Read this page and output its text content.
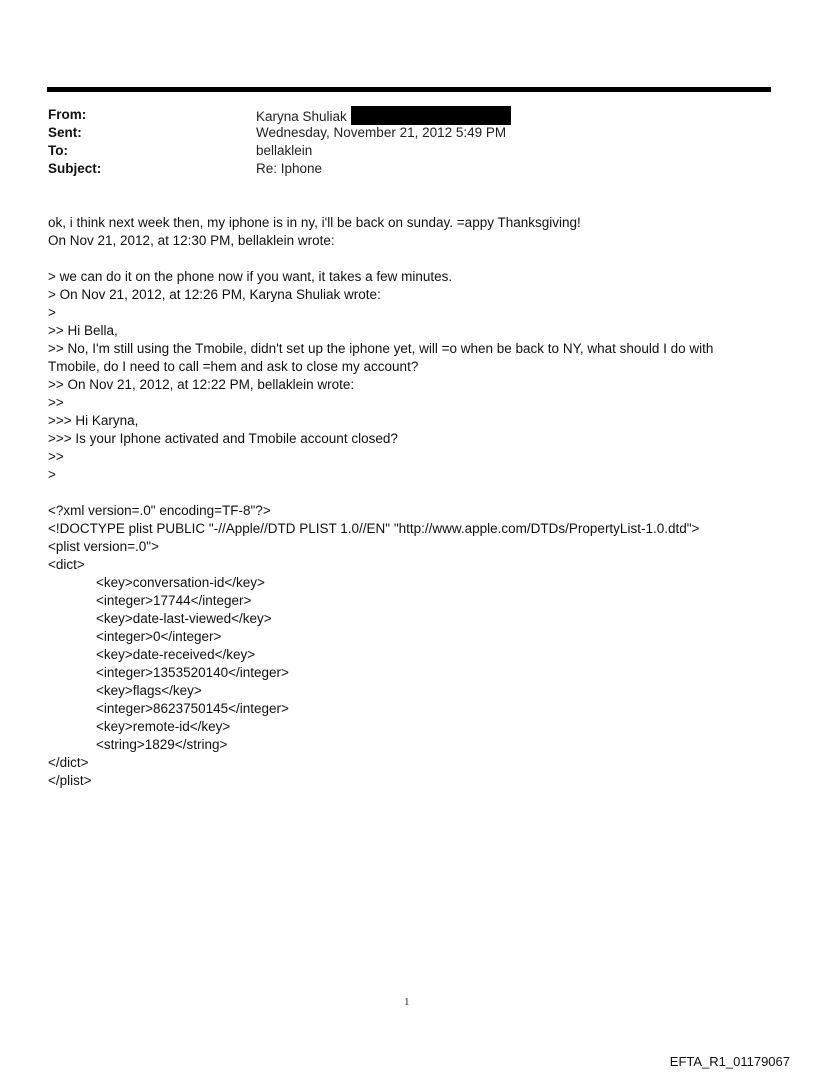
From:	Karyna Shuliak
Sent:	Wednesday, November 21, 2012 5:49 PM
To:	bellaklein
Subject:	Re: Iphone
ok, i think next week then, my iphone is in ny, i'll be back on sunday. =appy Thanksgiving!
On Nov 21, 2012, at 12:30 PM, bellaklein wrote:
> we can do it on the phone now if you want, it takes a few minutes.
> On Nov 21, 2012, at 12:26 PM, Karyna Shuliak wrote:
>
>> Hi Bella,
>> No, I'm still using the Tmobile, didn't set up the iphone yet, will =o when be back to NY, what should I do with Tmobile, do I need to call =hem and ask to close my account?
>> On Nov 21, 2012, at 12:22 PM, bellaklein wrote:
>>
>>> Hi Karyna,
>>> Is your Iphone activated and Tmobile account closed?
>>
>
<?xml version=.0" encoding=TF-8"?>
<!DOCTYPE plist PUBLIC "-//Apple//DTD PLIST 1.0//EN" "http://www.apple.com/DTDs/PropertyList-1.0.dtd">
<plist version=.0">
<dict>
<key>conversation-id</key>
<integer>17744</integer>
<key>date-last-viewed</key>
<integer>0</integer>
<key>date-received</key>
<integer>1353520140</integer>
<key>flags</key>
<integer>8623750145</integer>
<key>remote-id</key>
<string>1829</string>
</dict>
</plist>
1
EFTA_R1_01179067
